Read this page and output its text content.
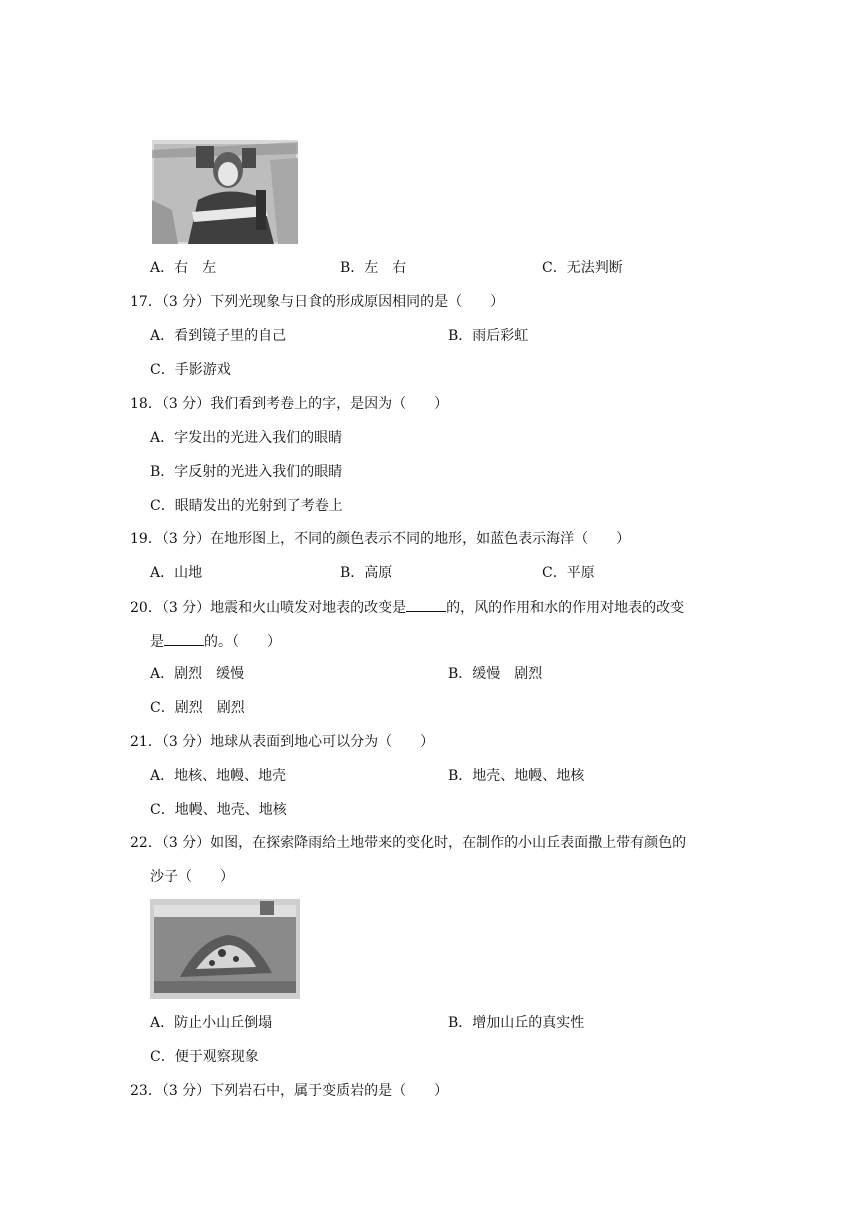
A．右　左	B．左　右	C．无法判断
17．（3 分）下列光现象与日食的形成原因相同的是（　　）
A．看到镜子里的自己	B．雨后彩虹
C．手影游戏
18．（3 分）我们看到考卷上的字，是因为（　　）
A．字发出的光进入我们的眼睛
B．字反射的光进入我们的眼睛
C．眼睛发出的光射到了考卷上
19．（3 分）在地形图上，不同的颜色表示不同的地形，如蓝色表示海洋（　　）
A．山地	B．高原	C．平原
20．（3 分）地震和火山喷发对地表的改变是	的，风的作用和水的作用对地表的改变
是	的。（　　）
A．剧烈　缓慢	B．缓慢　剧烈
C．剧烈　剧烈
21．（3 分）地球从表面到地心可以分为（　　）
A．地核、地幔、地壳	B．地壳、地幔、地核
C．地幔、地壳、地核
22．（3 分）如图，在探索降雨给土地带来的变化时，在制作的小山丘表面撒上带有颜色的
沙子（　　）
A．防止小山丘倒塌	B．增加山丘的真实性
C．便于观察现象
23．（3 分）下列岩石中，属于变质岩的是（　　）
